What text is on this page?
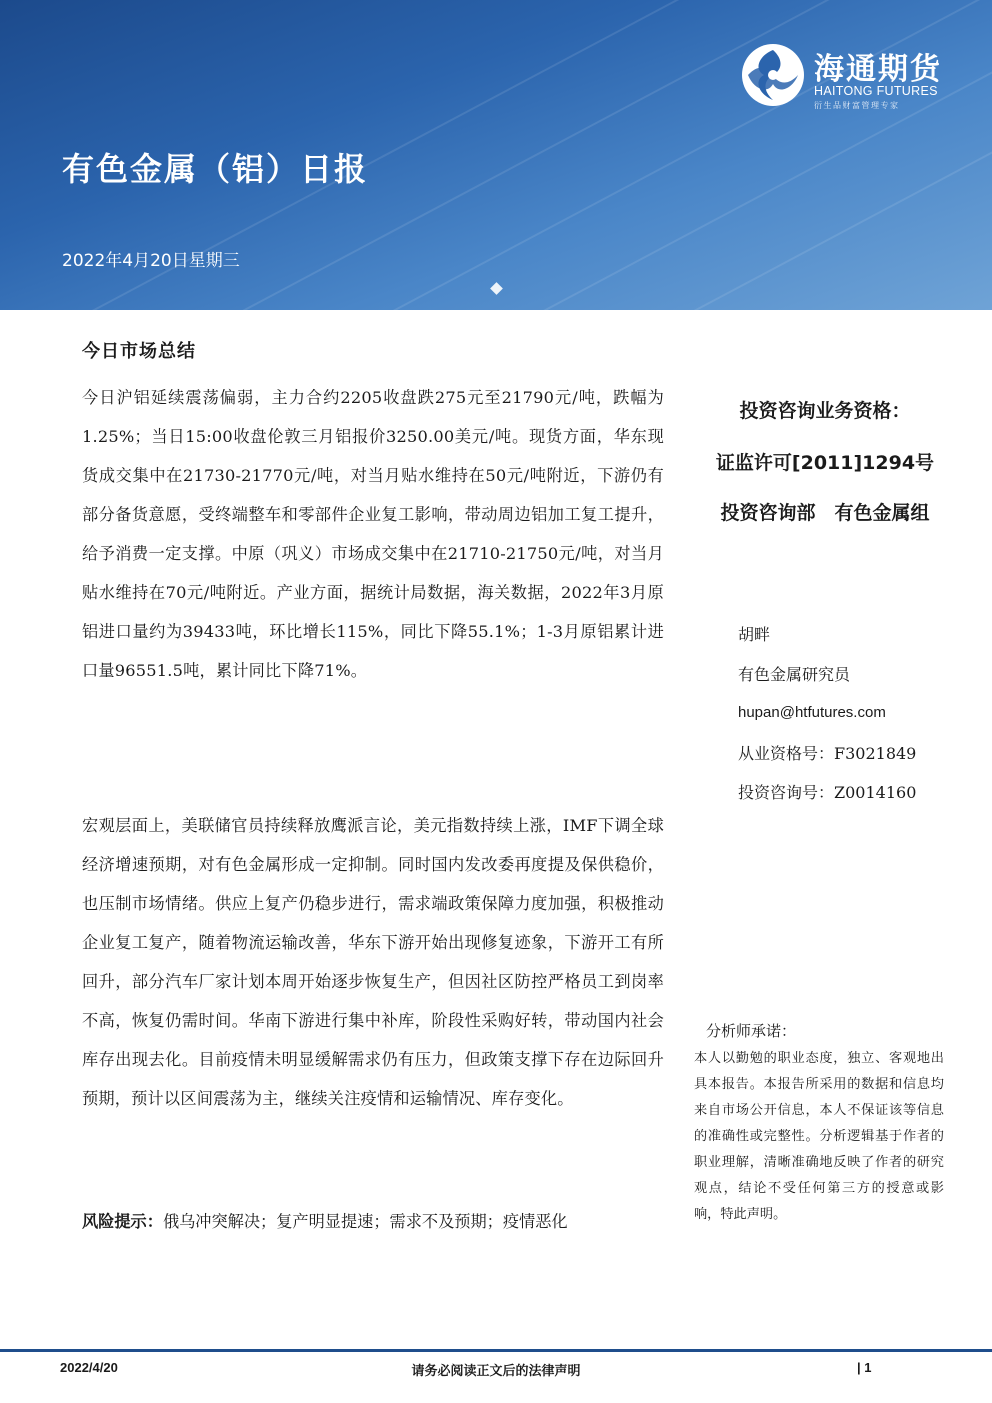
海通期货
HAITONG FUTURES
衍生品财富管理专家
有色金属（铝）日报
2022年4月20日星期三
今日市场总结
今日沪铝延续震荡偏弱，主力合约2205收盘跌275元至21790元/吨，跌幅为1.25%；当日15:00收盘伦敦三月铝报价3250.00美元/吨。现货方面，华东现货成交集中在21730-21770元/吨，对当月贴水维持在50元/吨附近，下游仍有部分备货意愿，受终端整车和零部件企业复工影响，带动周边铝加工复工提升，给予消费一定支撑。中原（巩义）市场成交集中在21710-21750元/吨，对当月贴水维持在70元/吨附近。产业方面，据统计局数据，海关数据，2022年3月原铝进口量约为39433吨，环比增长115%，同比下降55.1%；1-3月原铝累计进口量96551.5吨，累计同比下降71%。
宏观层面上，美联储官员持续释放鹰派言论，美元指数持续上涨，IMF下调全球经济增速预期，对有色金属形成一定抑制。同时国内发改委再度提及保供稳价，也压制市场情绪。供应上复产仍稳步进行，需求端政策保障力度加强，积极推动企业复工复产，随着物流运输改善，华东下游开始出现修复迹象，下游开工有所回升，部分汽车厂家计划本周开始逐步恢复生产，但因社区防控严格员工到岗率不高，恢复仍需时间。华南下游进行集中补库，阶段性采购好转，带动国内社会库存出现去化。目前疫情未明显缓解需求仍有压力，但政策支撑下存在边际回升预期，预计以区间震荡为主，继续关注疫情和运输情况、库存变化。
风险提示：俄乌冲突解决；复产明显提速；需求不及预期；疫情恶化
投资咨询业务资格：
证监许可[2011]1294号
投资咨询部　有色金属组
胡畔
有色金属研究员
hupan@htfutures.com
从业资格号：F3021849
投资咨询号：Z0014160
分析师承诺：
本人以勤勉的职业态度，独立、客观地出具本报告。本报告所采用的数据和信息均来自市场公开信息，本人不保证该等信息的准确性或完整性。分析逻辑基于作者的职业理解，清晰准确地反映了作者的研究观点，结论不受任何第三方的授意或影响，特此声明。
2022/4/20	请务必阅读正文后的法律声明	| 1
